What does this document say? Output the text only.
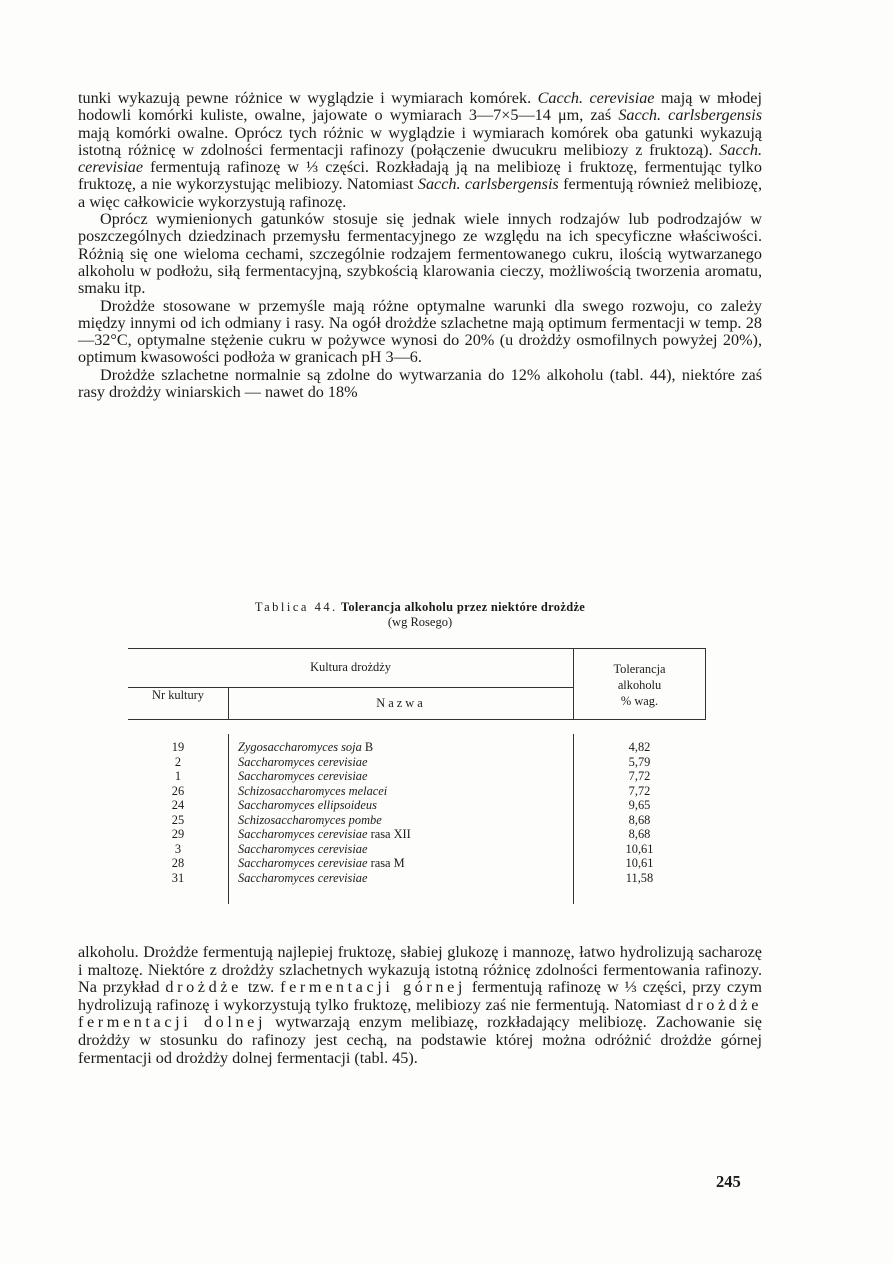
tunki wykazują pewne różnice w wyglądzie i wymiarach komórek. Cacch. cerevisiae mają w młodej hodowli komórki kuliste, owalne, jajowate o wymiarach 3—7×5—14 μm, zaś Sacch. carlsbergensis mają komórki owalne. Oprócz tych różnic w wyglądzie i wymiarach komórek oba gatunki wykazują istotną różnicę w zdolności fermentacji rafinozy (połączenie dwucukru melibiozy z fruktozą). Sacch. cerevisiae fermentują rafinozę w ⅓ części. Rozkładają ją na melibiozę i fruktozę, fermentując tylko fruktozę, a nie wykorzystując melibiozy. Natomiast Sacch. carlsbergensis fermentują również melibiozę, a więc całkowicie wykorzystują rafinozę.

Oprócz wymienionych gatunków stosuje się jednak wiele innych rodzajów lub podrodzajów w poszczególnych dziedzinach przemysłu fermentacyjnego ze względu na ich specyficzne właściwości. Różnią się one wieloma cechami, szczególnie rodzajem fermentowanego cukru, ilością wytwarzanego alkoholu w podłożu, siłą fermentacyjną, szybkością klarowania cieczy, możliwością tworzenia aromatu, smaku itp.

Drożdże stosowane w przemyśle mają różne optymalne warunki dla swego rozwoju, co zależy między innymi od ich odmiany i rasy. Na ogół drożdże szlachetne mają optimum fermentacji w temp. 28—32°C, optymalne stężenie cukru w pożywce wynosi do 20% (u drożdży osmofilnych powyżej 20%), optimum kwasowości podłoża w granicach pH 3—6.

Drożdże szlachetne normalnie są zdolne do wytwarzania do 12% alkoholu (tabl. 44), niektóre zaś rasy drożdży winiarskich — nawet do 18%

Tablica 44. Tolerancja alkoholu przez niektóre drożdże
(wg Rosego)
Kultura drożdży
Nr kultury
Nazwa
Tolerancja
alkoholu
% wag.
19	Zygosaccharomyces soja B	4,82
2	Saccharomyces cerevisiae	5,79
1	Saccharomyces cerevisiae	7,72
26	Schizosaccharomyces melacei	7,72
24	Saccharomyces ellipsoideus	9,65
25	Schizosaccharomyces pombe	8,68
29	Saccharomyces cerevisiae rasa XII	8,68
3	Saccharomyces cerevisiae	10,61
28	Saccharomyces cerevisiae rasa M	10,61
31	Saccharomyces cerevisiae	11,58

alkoholu. Drożdże fermentują najlepiej fruktozę, słabiej glukozę i mannozę, łatwo hydrolizują sacharozę i maltozę. Niektóre z drożdży szlachetnych wykazują istotną różnicę zdolności fermentowania rafinozy. Na przykład drożdże tzw. fermentacji górnej fermentują rafinozę w ⅓ części, przy czym hydrolizują rafinozę i wykorzystują tylko fruktozę, melibiozy zaś nie fermentują. Natomiast drożdże fermentacji dolnej wytwarzają enzym melibiazę, rozkładający melibiozę. Zachowanie się drożdży w stosunku do rafinozy jest cechą, na podstawie której można odróżnić drożdże górnej fermentacji od drożdży dolnej fermentacji (tabl. 45).

245
